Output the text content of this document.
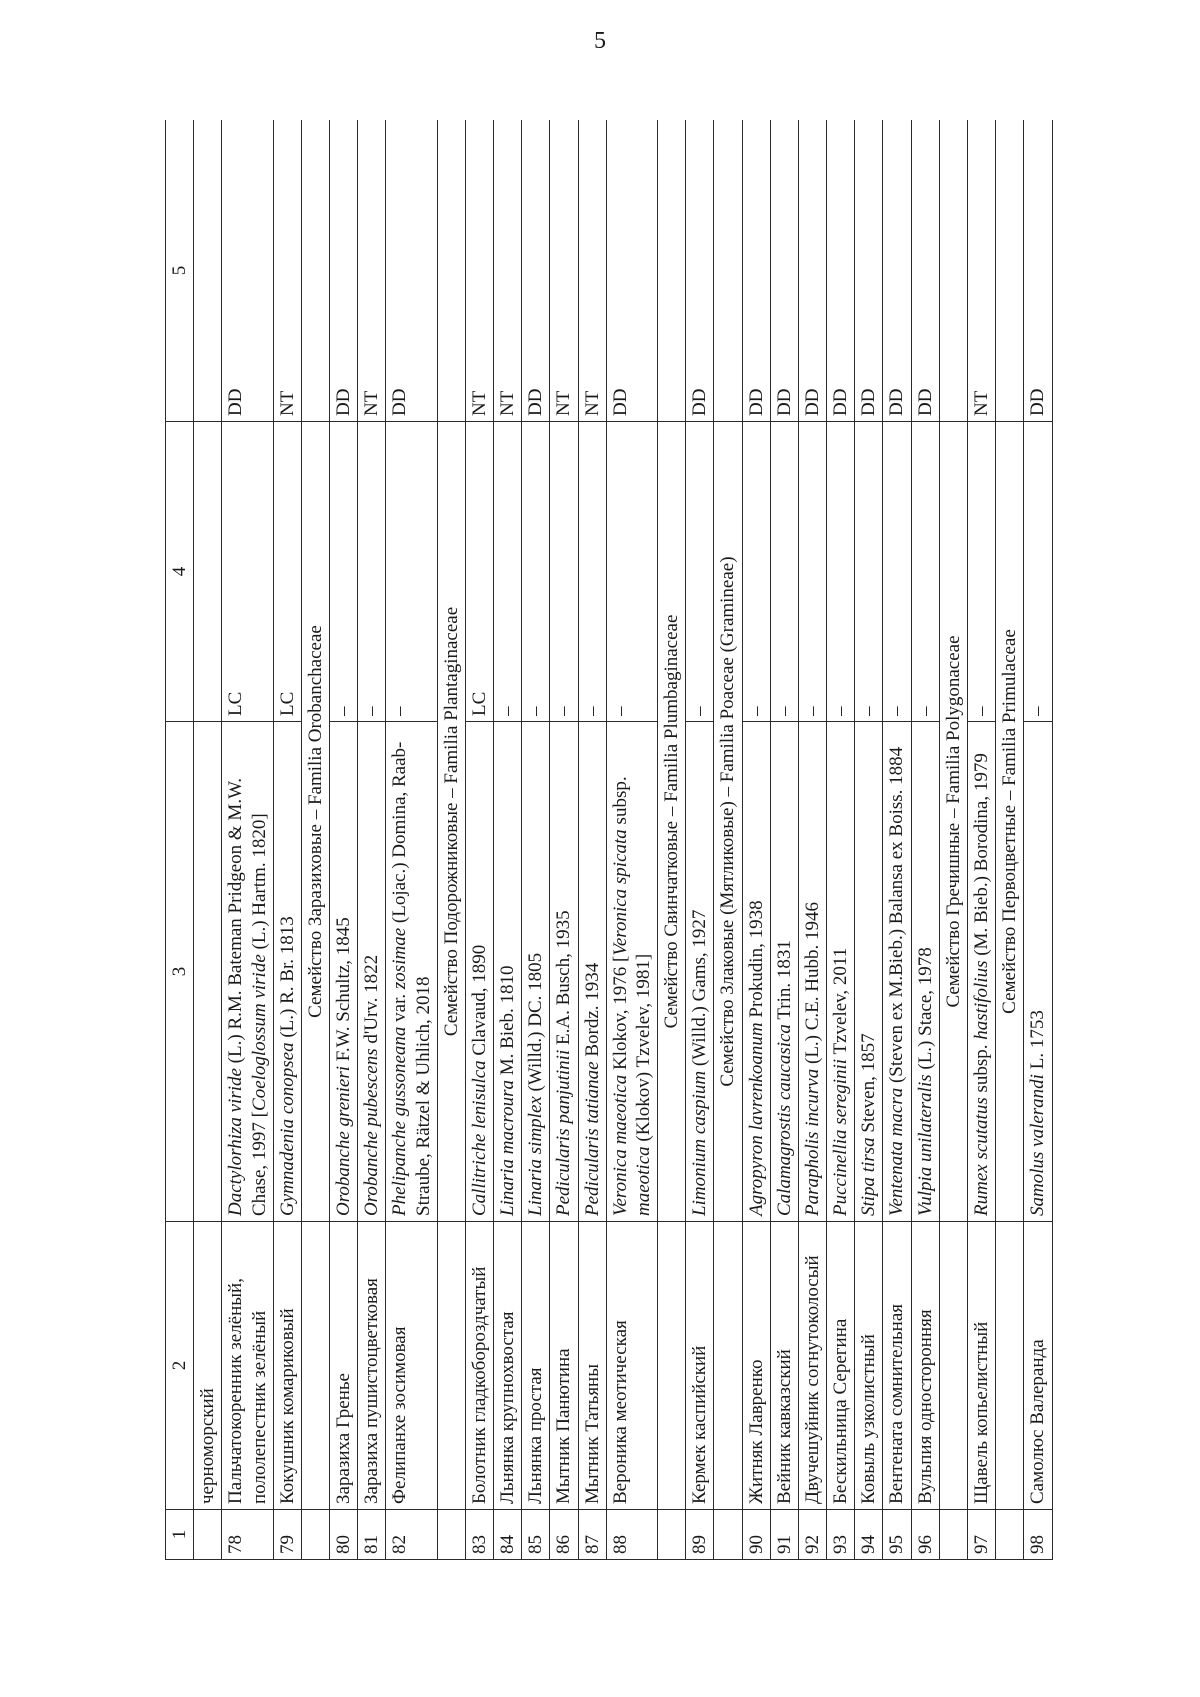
5
1	2	3	4	5
	черноморский			
78	Пальчатокоренник зелёный, пололепестник зелёный	Dactylorhiza viride (L.) R.M. Bateman Pridgeon & M.W. Chase, 1997 [Coeloglossum viride (L.) Hartm. 1820]	LC	DD
79	Кокушник комариковый	Gymnadenia conopsea (L.) R. Br. 1813	LC	NT
		Семейство Заразиховые – Familia Orobanchaceae		
80	Заразиха Гренье	Orobanche grenieri F.W. Schultz, 1845	–	DD
81	Заразиха пушистоцветковая	Orobanche pubescens d'Urv. 1822	–	NT
82	Фелипанхе зосимовая	Phelipanche gussoneana var. zosimae (Lojac.) Domina, Raab-Straube, Rätzel & Uhlich, 2018	–	DD
		Семейство Подорожниковые – Familia Plantaginaceae		
83	Болотник гладкобороздчатый	Callitriche lenisulca Clavaud, 1890	LC	NT
84	Льнянка крупнохвостая	Linaria macroura M. Bieb. 1810	–	NT
85	Льнянка простая	Linaria simplex (Willd.) DC. 1805	–	DD
86	Мытник Панютина	Pedicularis panjutinii E.A. Busch, 1935	–	NT
87	Мытник Татьяны	Pedicularis tatianae Bordz. 1934	–	NT
88	Вероника меотическая	Veronica maeotica Klokov, 1976 [Veronica spicata subsp. maeotica (Klokov) Tzvelev, 1981]	–	DD
		Семейство Свинчатковые – Familia Plumbaginaceae		
89	Кермек каспийский	Limonium caspium (Willd.) Gams, 1927	–	DD
		Семейство Злаковые (Мятликовые) – Familia Poaceae (Gramineae)		
90	Житняк Лавренко	Agropyron lavrenkoanum Prokudin, 1938	–	DD
91	Вейник кавказский	Calamagrostis caucasica Trin. 1831	–	DD
92	Двучешуйник согнутоколосый	Parapholis incurva (L.) C.E. Hubb. 1946	–	DD
93	Бескильница Серегина	Puccinellia sereginii Tzvelev, 2011	–	DD
94	Ковыль узколистный	Stipa tirsa Steven, 1857	–	DD
95	Вентената сомнительная	Ventenata macra (Steven ex M.Bieb.) Balansa ex Boiss. 1884	–	DD
96	Вульпия односторонняя	Vulpia unilateralis (L.) Stace, 1978	–	DD
		Семейство Гречишные – Familia Polygonaceae		
97	Щавель копьелистный	Rumex scutatus subsp. hastifolius (M. Bieb.) Borodina, 1979	–	NT
		Семейство Первоцветные – Familia Primulaceae		
98	Самолюс Валеранда	Samolus valerandi L. 1753	–	DD
